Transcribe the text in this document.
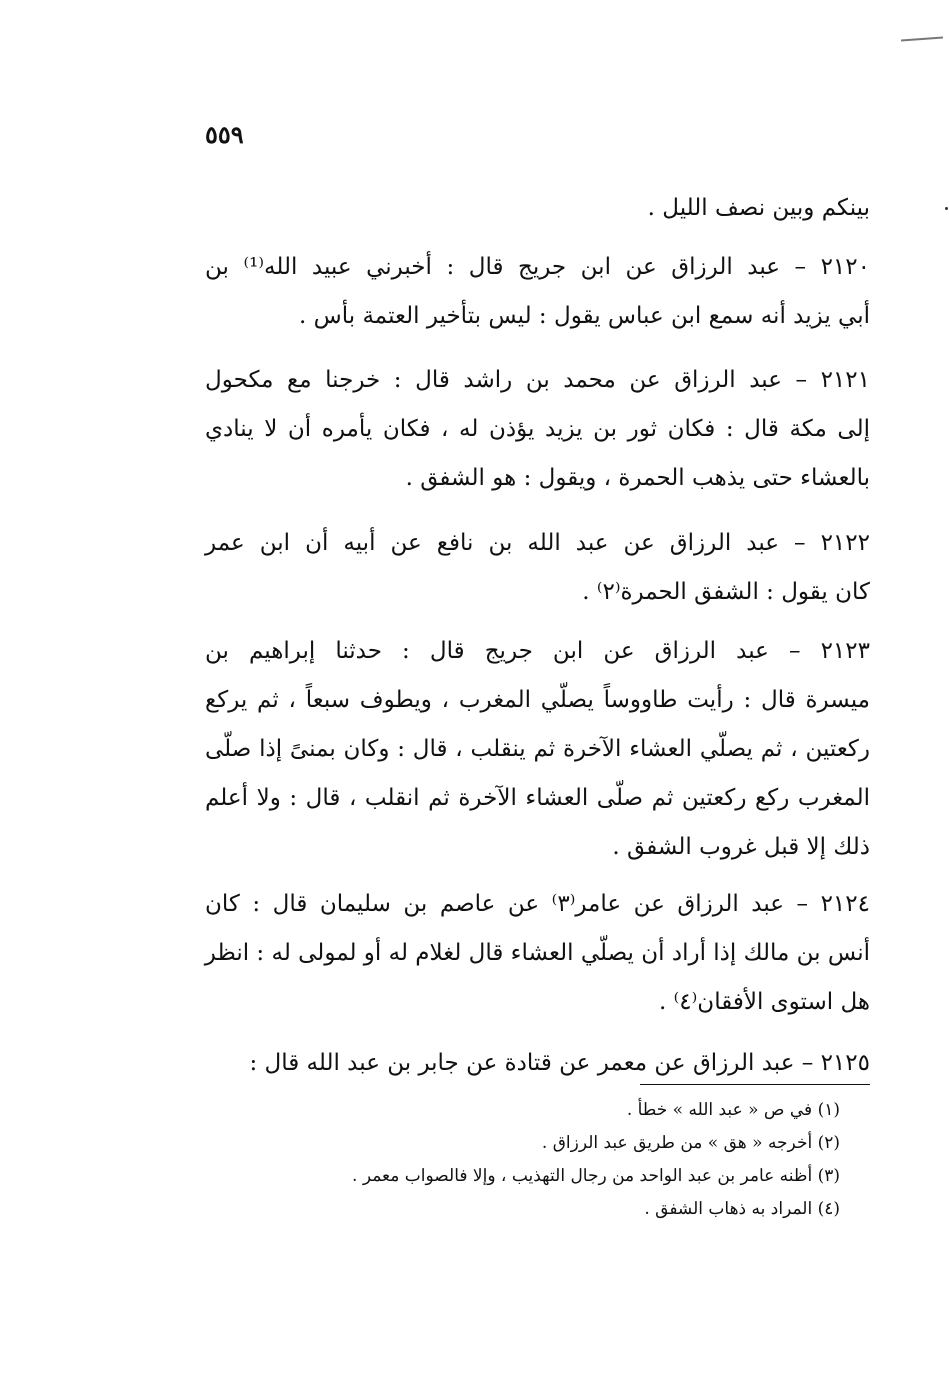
٥٥٩
بينكم وبين نصف الليل .
٢١٢٠ – عبد الرزاق عن ابن جريج قال : أخبرني عبيد الله⁽¹⁾ بن
أبي يزيد أنه سمع ابن عباس يقول : ليس بتأخير العتمة بأس .
٢١٢١ – عبد الرزاق عن محمد بن راشد قال : خرجنا مع مكحول
إلى مكة قال : فكان ثور بن يزيد يؤذن له ، فكان يأمره أن لا ينادي
بالعشاء حتى يذهب الحمرة ، ويقول : هو الشفق .
٢١٢٢ – عبد الرزاق عن عبد الله بن نافع عن أبيه أن ابن عمر
كان يقول : الشفق الحمرة⁽٢⁾ .
٢١٢٣ – عبد الرزاق عن ابن جريج قال : حدثنا إبراهيم بن
ميسرة قال : رأيت طاووساً يصلّي المغرب ، ويطوف سبعاً ، ثم يركع
ركعتين ، ثم يصلّي العشاء الآخرة ثم ينقلب ، قال : وكان بمنىً إذا صلّى
المغرب ركع ركعتين ثم صلّى العشاء الآخرة ثم انقلب ، قال : ولا أعلم
ذلك إلا قبل غروب الشفق .
٢١٢٤ – عبد الرزاق عن عامر⁽٣⁾ عن عاصم بن سليمان قال : كان
أنس بن مالك إذا أراد أن يصلّي العشاء قال لغلام له أو لمولى له : انظر
هل استوى الأفقان⁽٤⁾ .
٢١٢٥ – عبد الرزاق عن معمر عن قتادة عن جابر بن عبد الله قال :
(١) في ص « عبد الله » خطأ .
(٢) أخرجه « هق » من طريق عبد الرزاق .
(٣) أظنه عامر بن عبد الواحد من رجال التهذيب ، وإلا فالصواب معمر .
(٤) المراد به ذهاب الشفق .
